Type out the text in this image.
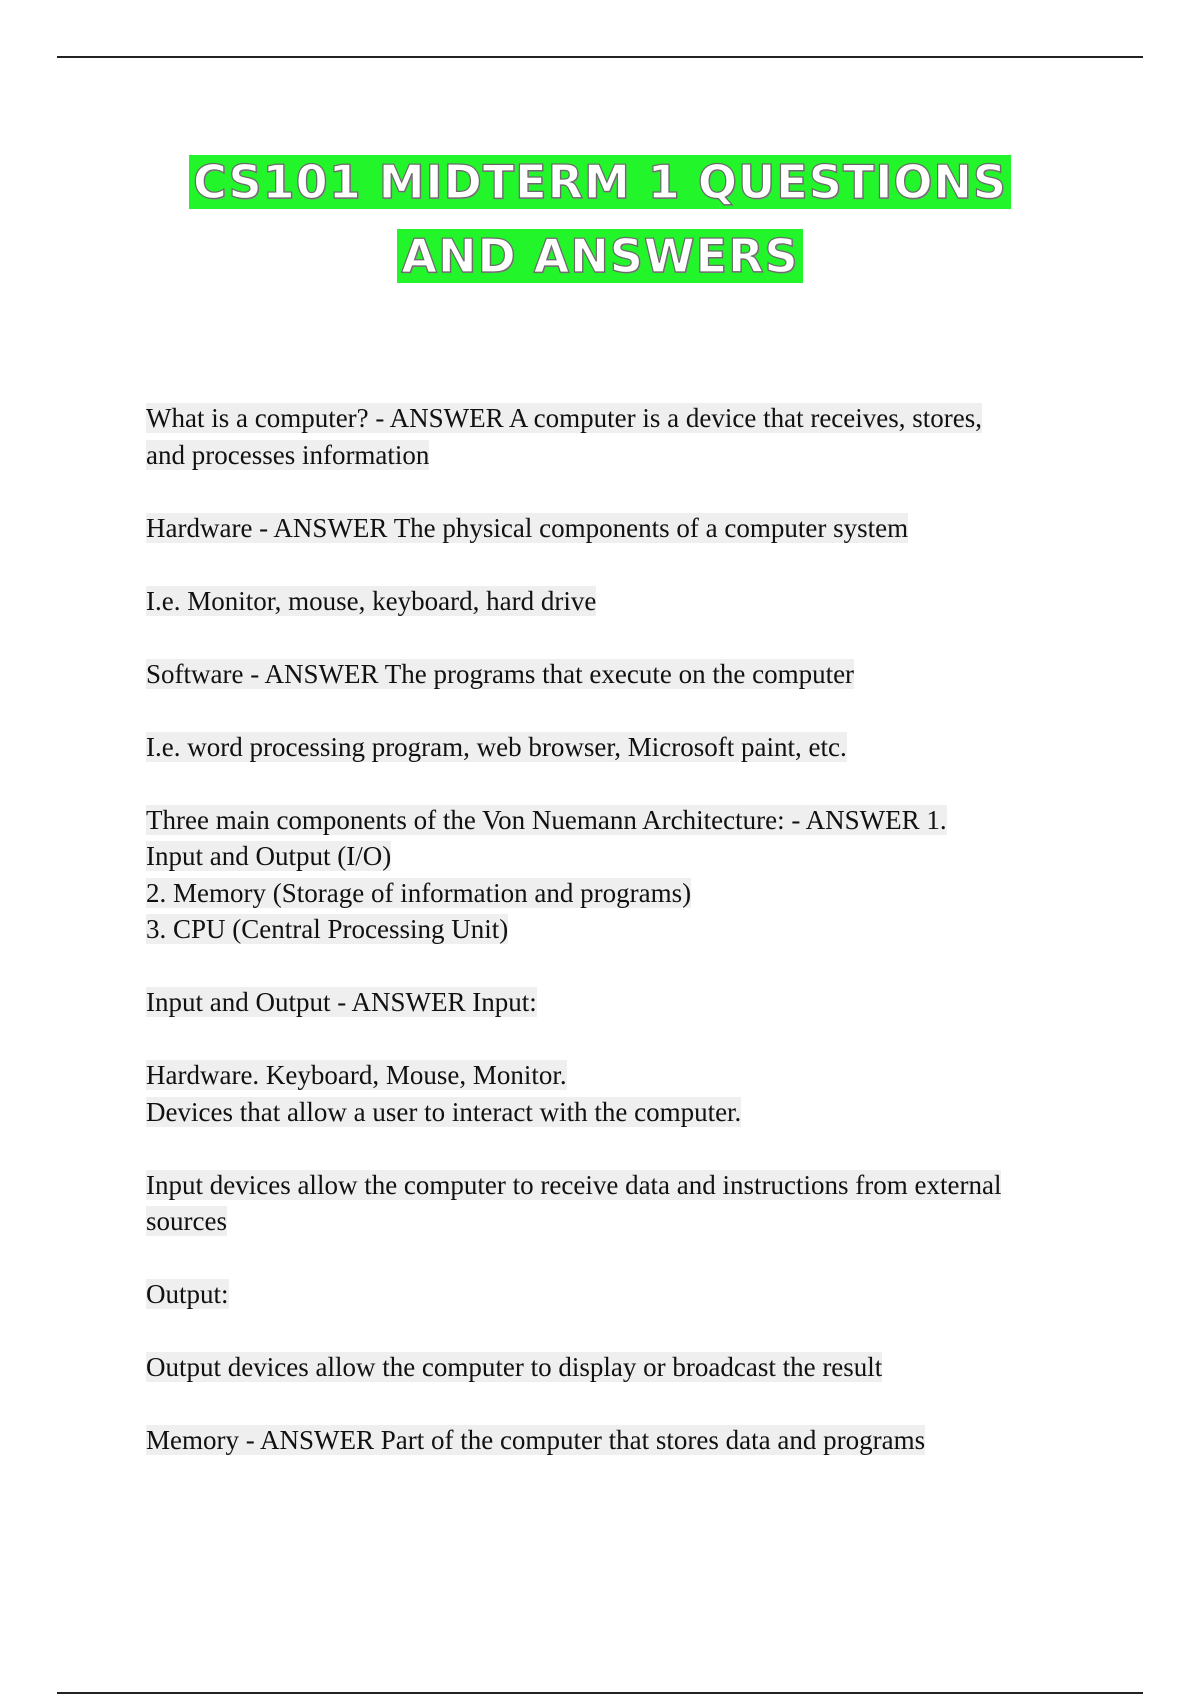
CS101 MIDTERM 1 QUESTIONS
AND ANSWERS

What is a computer? - ANSWER A computer is a device that receives, stores,
and processes information

Hardware - ANSWER The physical components of a computer system

I.e. Monitor, mouse, keyboard, hard drive

Software - ANSWER The programs that execute on the computer

I.e. word processing program, web browser, Microsoft paint, etc.

Three main components of the Von Nuemann Architecture: - ANSWER 1.
Input and Output (I/O)
2. Memory (Storage of information and programs)
3. CPU (Central Processing Unit)

Input and Output - ANSWER Input:

Hardware. Keyboard, Mouse, Monitor.
Devices that allow a user to interact with the computer.

Input devices allow the computer to receive data and instructions from external
sources

Output:

Output devices allow the computer to display or broadcast the result

Memory - ANSWER Part of the computer that stores data and programs
